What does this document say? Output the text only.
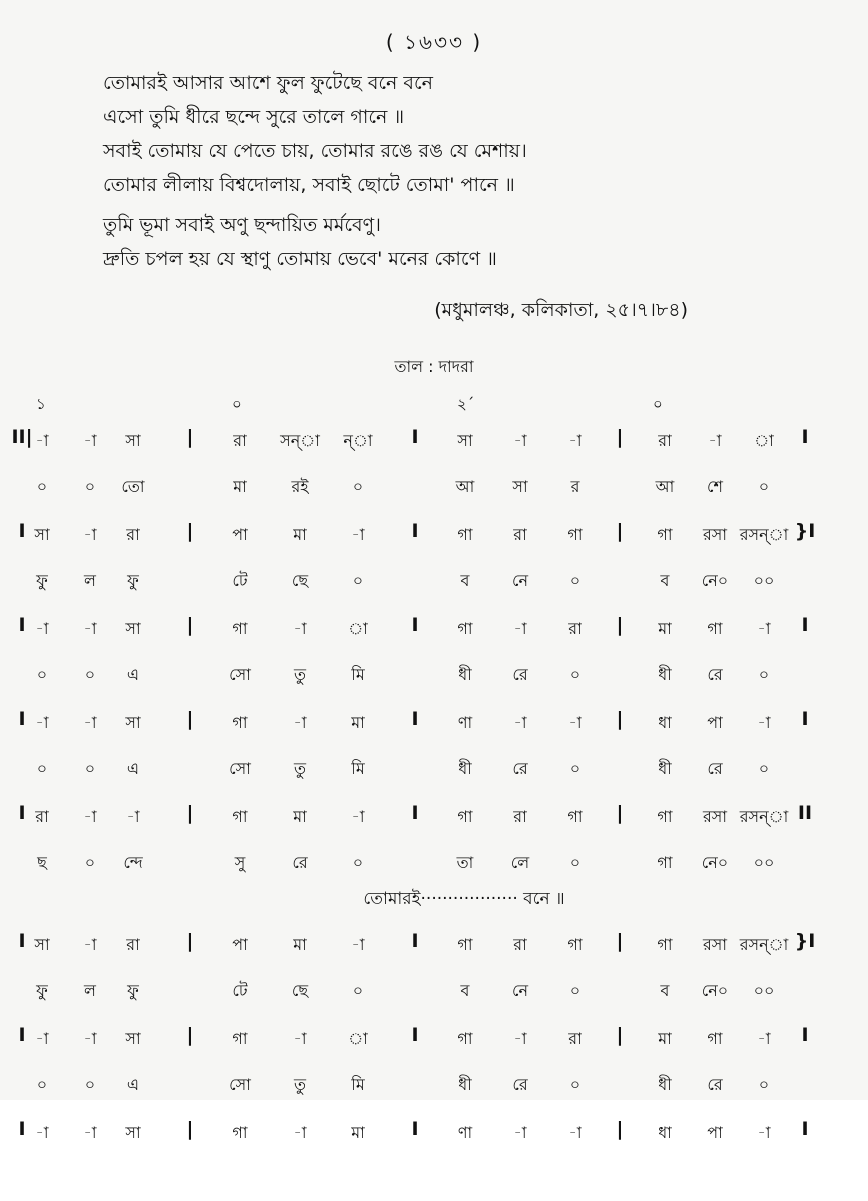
( ১৬৩৩ )
তোমারই আসার আশে ফুল ফুটেছে বনে বনে
এসো তুমি ধীরে ছন্দে সুরে তালে গানে ॥
সবাই তোমায় যে পেতে চায়, তোমার রঙে রঙ যে মেশায়।
তোমার লীলায় বিশ্বদোলায়, সবাই ছোটে তোমা' পানে ॥
তুমি ভূমা সবাই অণু ছন্দায়িত মর্মবেণু।
দ্রুতি চপল হয় যে স্থাণু তোমায় ভেবে' মনের কোণে ॥
(মধুমালঞ্চ, কলিকাতা, ২৫।৭।৮৪)
তাল : দাদরা
১	০	২´	০
II| -া	-া	সা	|	রা	সন্া	ন্া	I	সা	-া	-া	|	রা	-া	া	I
০	০	তো	মা	রই	০	আ	সা	র	আ	শে	০
I সা	-া	রা	|	পা	মা	-া	I	গা	রা	গা	|	গা	রসা রসন্া }I
ফু	ল	ফু	টে	ছে	০	ব	নে	০	ব	নে০	০০
I -া	-া	সা	|	গা	-া	া	I	গা	-া	রা	|	মা	গা	-া	I
০	০	এ	সো	তু	মি	ধী	রে	০	ধী	রে	০
I -া	-া	সা	|	গা	-া	মা	I	ণা	-া	-া	|	ধা	পা	-া	I
০	০	এ	সো	তু	মি	ধী	রে	০	ধী	রে	০
I রা	-া	-া	|	গা	মা	-া	I	গা	রা	গা	|	গা	রসা রসন্া II
ছ	০	ন্দে	সু	রে	০	তা	লে	০	গা	নে০	০০
তোমারই·················· বনে ॥
I সা	-া	রা	|	পা	মা	-া	I	গা	রা	গা	|	গা	রসা রসন্া }I
ফু	ল	ফু	টে	ছে	০	ব	নে	০	ব	নে০	০০
I -া	-া	সা	|	গা	-া	া	I	গা	-া	রা	|	মা	গা	-া	I
০	০	এ	সো	তু	মি	ধী	রে	০	ধী	রে	০
I -া	-া	সা	|	গা	-া	মা	I	ণা	-া	-া	|	ধা	পা	-া	I
